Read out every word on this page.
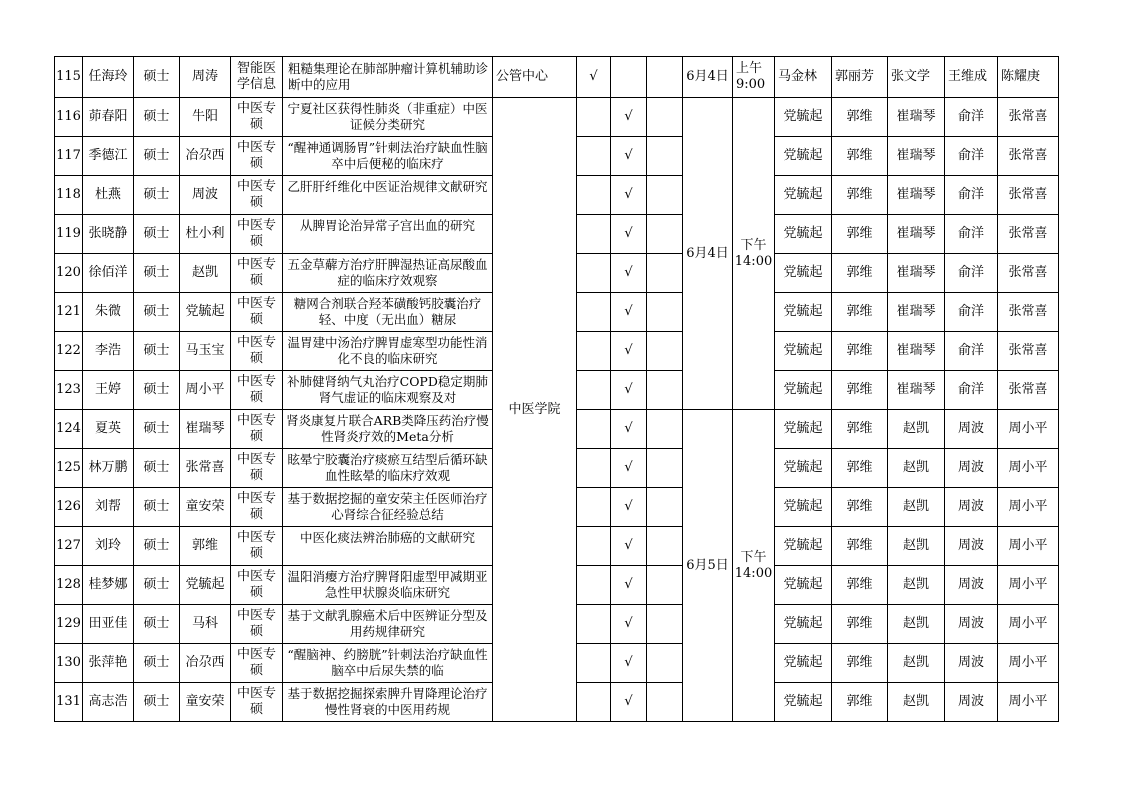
115	任海玲	硕士	周涛	智能医学信息	粗糙集理论在肺部肿瘤计算机辅助诊断中的应用	公管中心	√			6月4日	上午9:00	马金林	郭丽芳	张文学	王维成	陈耀庚
116	茆春阳	硕士	牛阳	中医专硕	宁夏社区获得性肺炎（非重症）中医证候分类研究	中医学院		√		6月4日	下午14:00	党毓起	郭维	崔瑞琴	俞洋	张常喜
117	季德江	硕士	冶尕西	中医专硕	“醒神通调肠胃”针刺法治疗缺血性脑卒中后便秘的临床疗			√				党毓起	郭维	崔瑞琴	俞洋	张常喜
118	杜燕	硕士	周波	中医专硕	乙肝肝纤维化中医证治规律文献研究			√				党毓起	郭维	崔瑞琴	俞洋	张常喜
119	张晓静	硕士	杜小利	中医专硕	从脾胃论治异常子宫出血的研究			√				党毓起	郭维	崔瑞琴	俞洋	张常喜
120	徐佰洋	硕士	赵凯	中医专硕	五金草薢方治疗肝脾湿热证高尿酸血症的临床疗效观察			√				党毓起	郭维	崔瑞琴	俞洋	张常喜
121	朱微	硕士	党毓起	中医专硕	糖网合剂联合羟苯磺酸钙胶囊治疗轻、中度（无出血）糖尿			√				党毓起	郭维	崔瑞琴	俞洋	张常喜
122	李浩	硕士	马玉宝	中医专硕	温胃建中汤治疗脾胃虚寒型功能性消化不良的临床研究			√				党毓起	郭维	崔瑞琴	俞洋	张常喜
123	王婷	硕士	周小平	中医专硕	补肺健肾纳气丸治疗COPD稳定期肺肾气虚证的临床观察及对			√				党毓起	郭维	崔瑞琴	俞洋	张常喜
124	夏英	硕士	崔瑞琴	中医专硕	肾炎康复片联合ARB类降压药治疗慢性肾炎疗效的Meta分析			√		6月5日	下午14:00	党毓起	郭维	赵凯	周波	周小平
125	林万鹏	硕士	张常喜	中医专硕	眩晕宁胶囊治疗痰瘀互结型后循环缺血性眩晕的临床疗效观			√				党毓起	郭维	赵凯	周波	周小平
126	刘帮	硕士	童安荣	中医专硕	基于数据挖掘的童安荣主任医师治疗心肾综合征经验总结			√				党毓起	郭维	赵凯	周波	周小平
127	刘玲	硕士	郭维	中医专硕	中医化痰法辨治肺癌的文献研究			√				党毓起	郭维	赵凯	周波	周小平
128	桂梦娜	硕士	党毓起	中医专硕	温阳消瘿方治疗脾肾阳虚型甲减期亚急性甲状腺炎临床研究			√				党毓起	郭维	赵凯	周波	周小平
129	田亚佳	硕士	马科	中医专硕	基于文献乳腺癌术后中医辨证分型及用药规律研究			√				党毓起	郭维	赵凯	周波	周小平
130	张萍艳	硕士	冶尕西	中医专硕	“醒脑神、约膀胱”针刺法治疗缺血性脑卒中后尿失禁的临			√				党毓起	郭维	赵凯	周波	周小平
131	高志浩	硕士	童安荣	中医专硕	基于数据挖掘探索脾升胃降理论治疗慢性肾衰的中医用药规			√				党毓起	郭维	赵凯	周波	周小平
